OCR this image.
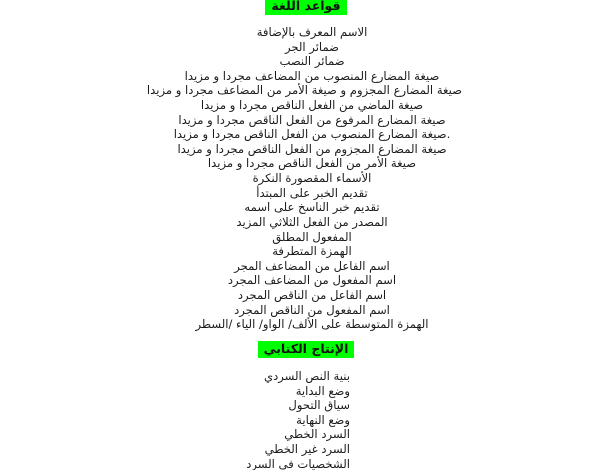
قواعد اللغة
الاسم المعرف بالإضافة
ضمائر الجر
ضمائر النصب
صيغة المضارع المنصوب من المضاعف مجردا و مزيدا
صيغة المضارع المجزوم و صيغة الأمر من المضاعف مجردا و مزيدا
صيغة الماضي من الفعل الناقص مجردا و مزيدا
صيغة المضارع المرفوع من الفعل الناقص مجردا و مزيدا
.صيغة المضارع المنصوب من الفعل الناقص مجردا و مزيدا
صيغة المضارع المجزوم من الفعل الناقص مجردا و مزيدا
صيغة الأمر من الفعل الناقص مجردا و مزيدا
الأسماء المقصورة النكرة
تقديم الخبر على المبتدأ
تقديم خبر الناسخ على اسمه
المصدر من الفعل الثلاثي المزيد
المفعول المطلق
الهمزة المتطرفة
اسم الفاعل من المضاعف المجر
اسم المفعول من المضاعف المجرد
اسم الفاعل من الناقص المجرد
اسم المفعول من الناقص المجرد
الهمزة المتوسطة على الألف/ الواو/ الياء /السطر
الإنتاج الكتابي
بنية النص السردي
وضع البداية
سياق التحول
وضع النهاية
السرد الخطي
السرد غير الخطي
الشخصيات في السرد
